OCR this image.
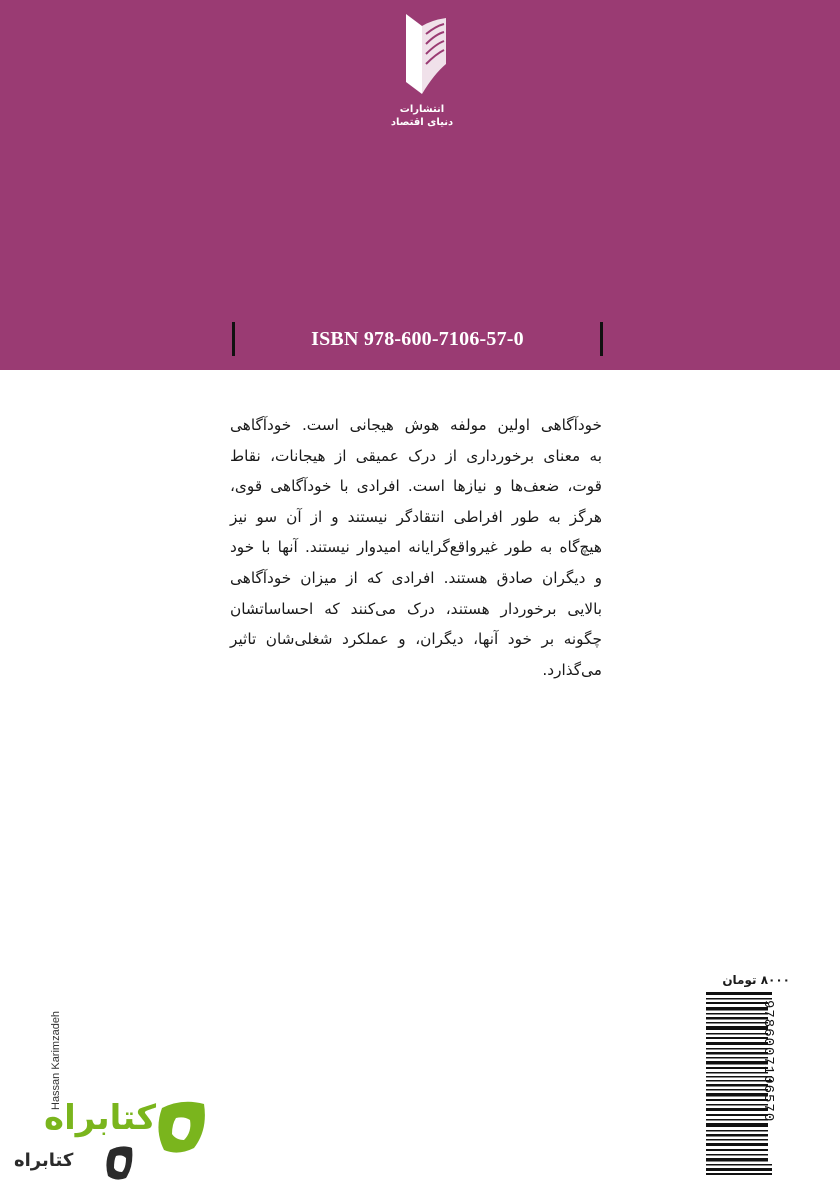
انتشارات
دنیای اقتصاد
ISBN 978-600-7106-57-0
خودآگاهی اولین مولفه هوش هیجانی است. خودآگاهی
به معنای برخورداری از درک عمیقی از هیجانات، نقاط
قوت، ضعف‌ها و نیازها است. افرادی با خودآگاهی قوی،
هرگز به طور افراطی انتقادگر نیستند و از آن سو نیز
هیچ‌گاه به طور غیرواقع‌گرایانه امیدوار نیستند. آنها با خود
و دیگران صادق هستند. افرادی که از میزان خودآگاهی
بالایی برخوردار هستند، درک می‌کنند که احساساتشان
چگونه بر خود آنها، دیگران، و عملکرد شغلی‌شان تاثیر
می‌گذارد.
۸۰۰۰ تومان
9786007106570
Hassan Karimzadeh
کتابراه
کتابراه
